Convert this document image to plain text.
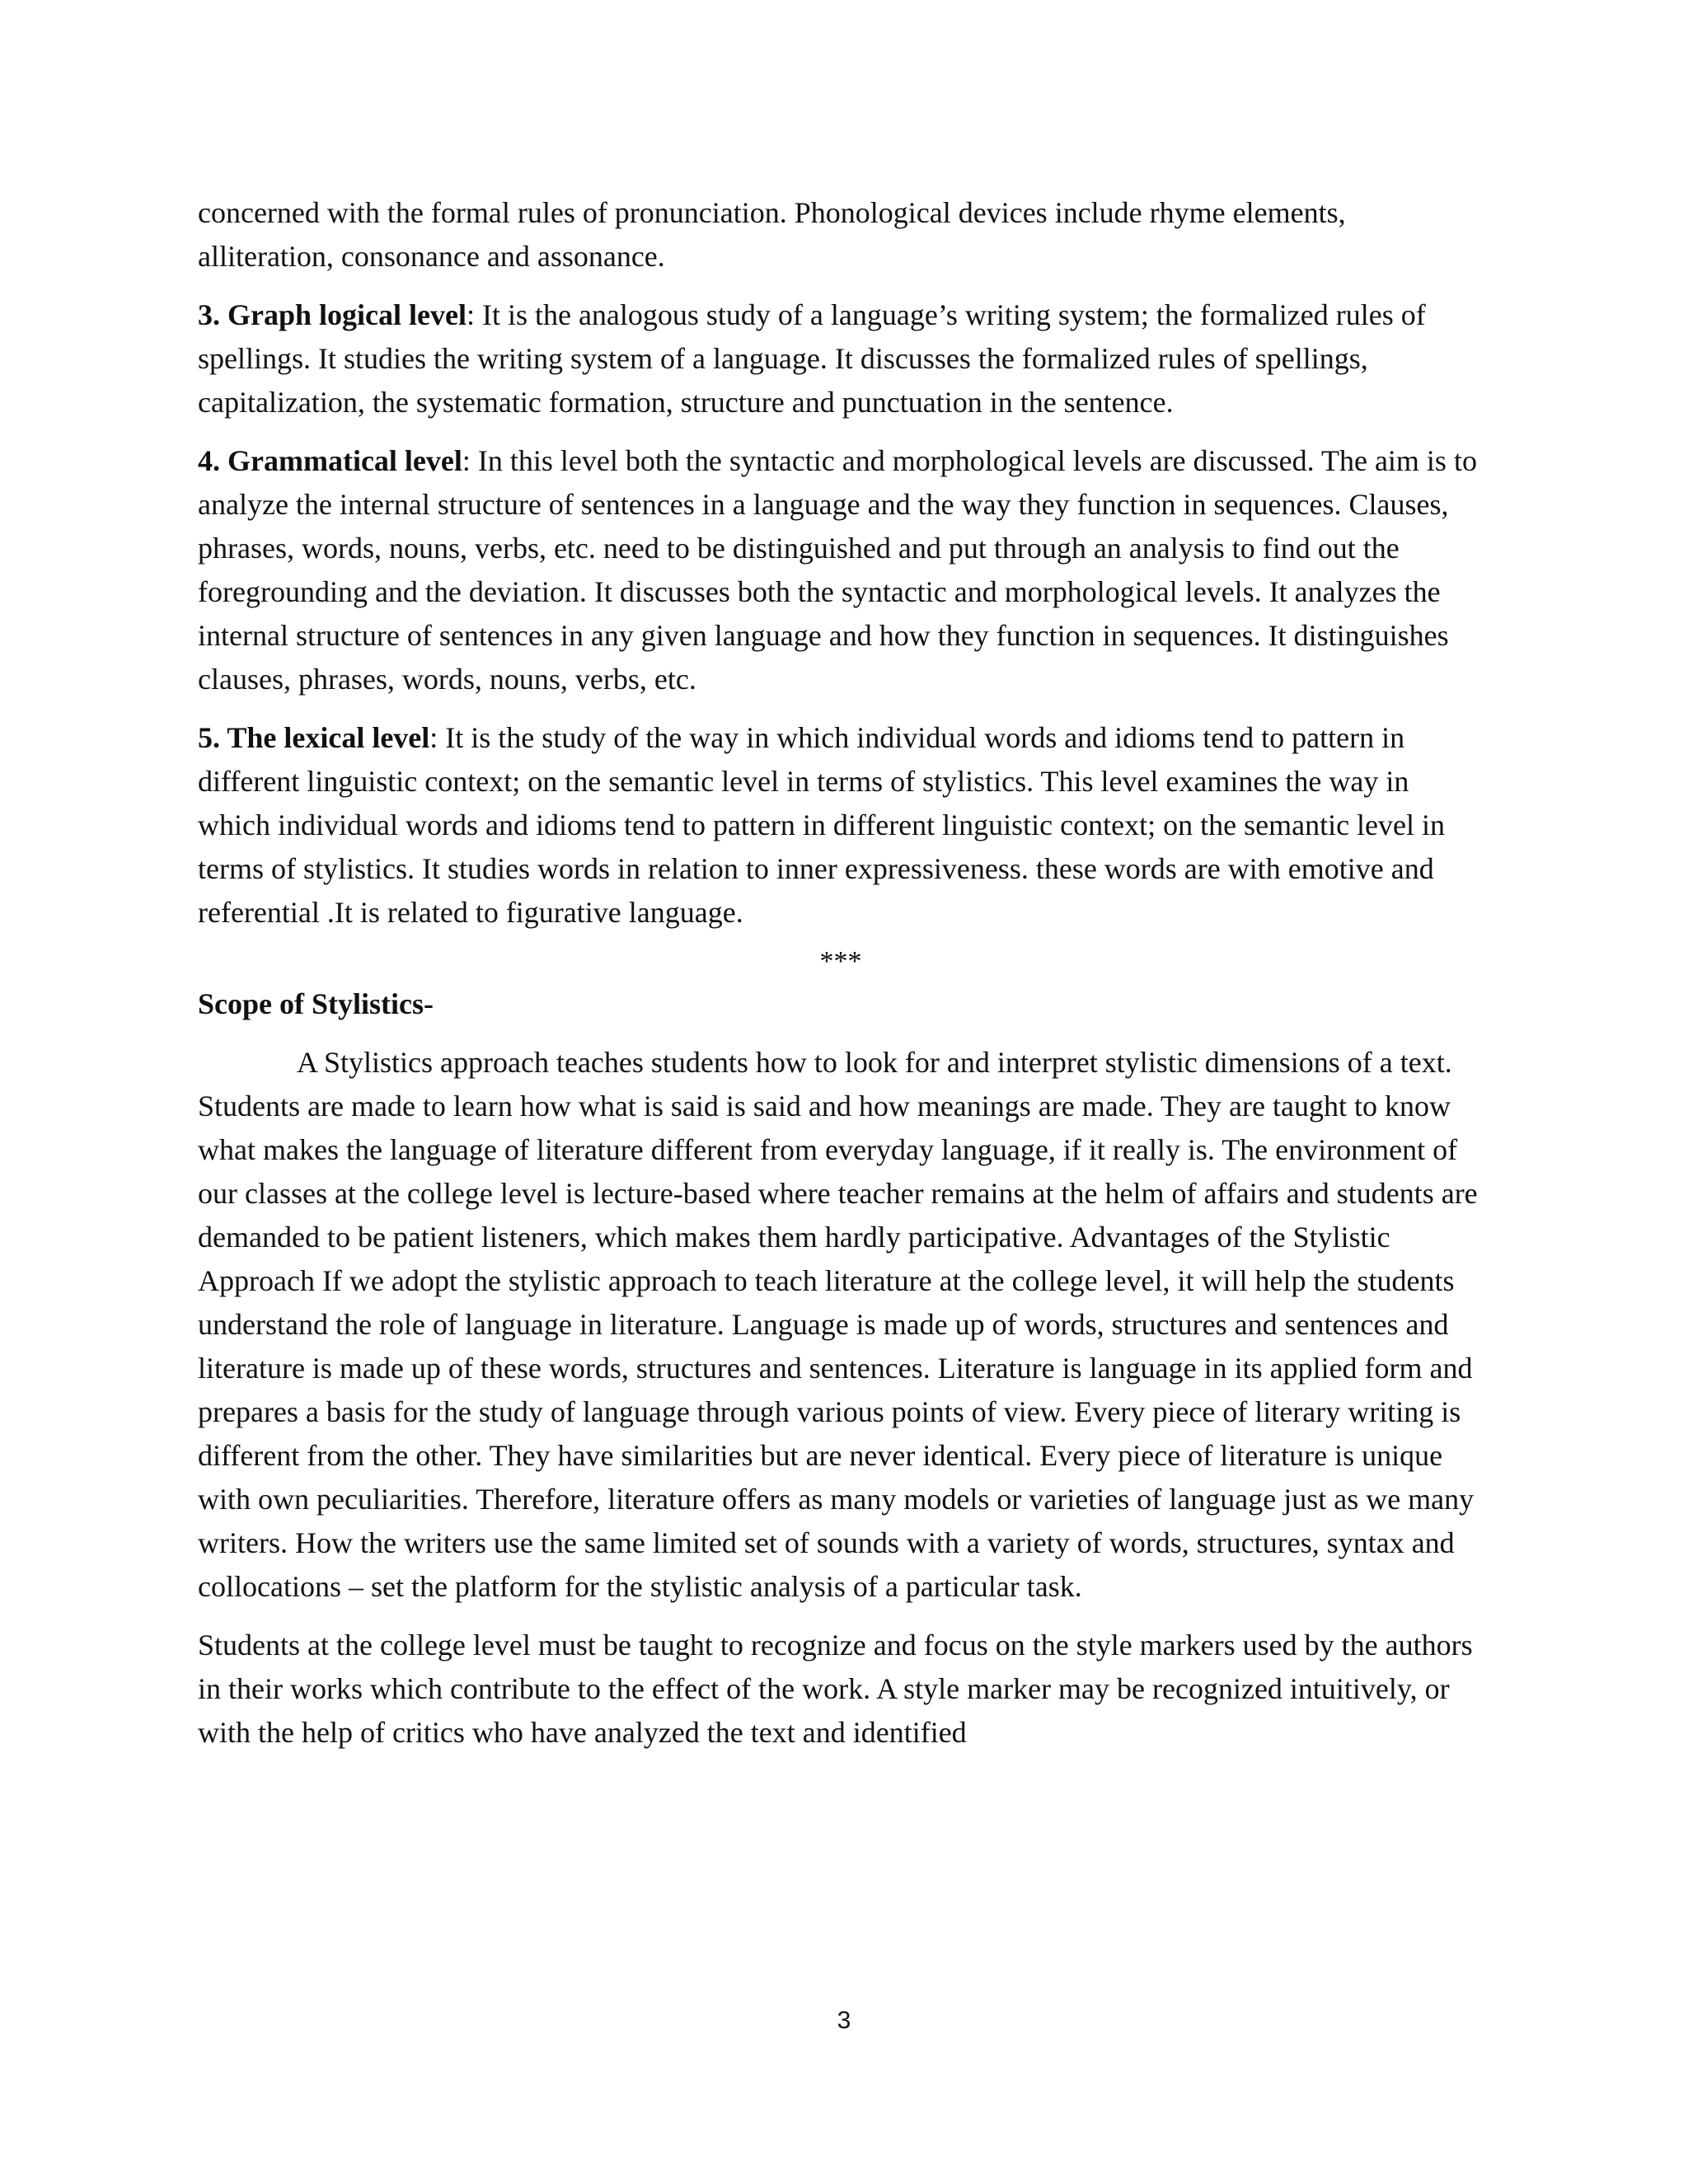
concerned with the formal rules of pronunciation. Phonological devices include rhyme elements, alliteration, consonance and assonance.

3. Graph logical level: It is the analogous study of a language’s writing system; the formalized rules of spellings. It studies the writing system of a language. It discusses the formalized rules of spellings, capitalization, the systematic formation, structure and punctuation in the sentence.

4. Grammatical level: In this level both the syntactic and morphological levels are discussed. The aim is to analyze the internal structure of sentences in a language and the way they function in sequences. Clauses, phrases, words, nouns, verbs, etc. need to be distinguished and put through an analysis to find out the foregrounding and the deviation. It discusses both the syntactic and morphological levels. It analyzes the internal structure of sentences in any given language and how they function in sequences. It distinguishes clauses, phrases, words, nouns, verbs, etc.

5. The lexical level: It is the study of the way in which individual words and idioms tend to pattern in different linguistic context; on the semantic level in terms of stylistics. This level examines the way in which individual words and idioms tend to pattern in different linguistic context; on the semantic level in terms of stylistics. It studies words in relation to inner expressiveness. these words are with emotive and referential .It is related to figurative language.

***

Scope of Stylistics-

A Stylistics approach teaches students how to look for and interpret stylistic dimensions of a text. Students are made to learn how what is said is said and how meanings are made. They are taught to know what makes the language of literature different from everyday language, if it really is. The environment of our classes at the college level is lecture-based where teacher remains at the helm of affairs and students are demanded to be patient listeners, which makes them hardly participative. Advantages of the Stylistic Approach If we adopt the stylistic approach to teach literature at the college level, it will help the students understand the role of language in literature. Language is made up of words, structures and sentences and literature is made up of these words, structures and sentences. Literature is language in its applied form and prepares a basis for the study of language through various points of view. Every piece of literary writing is different from the other. They have similarities but are never identical. Every piece of literature is unique with own peculiarities. Therefore, literature offers as many models or varieties of language just as we many writers. How the writers use the same limited set of sounds with a variety of words, structures, syntax and collocations – set the platform for the stylistic analysis of a particular task.

Students at the college level must be taught to recognize and focus on the style markers used by the authors in their works which contribute to the effect of the work. A style marker may be recognized intuitively, or with the help of critics who have analyzed the text and identified

3
